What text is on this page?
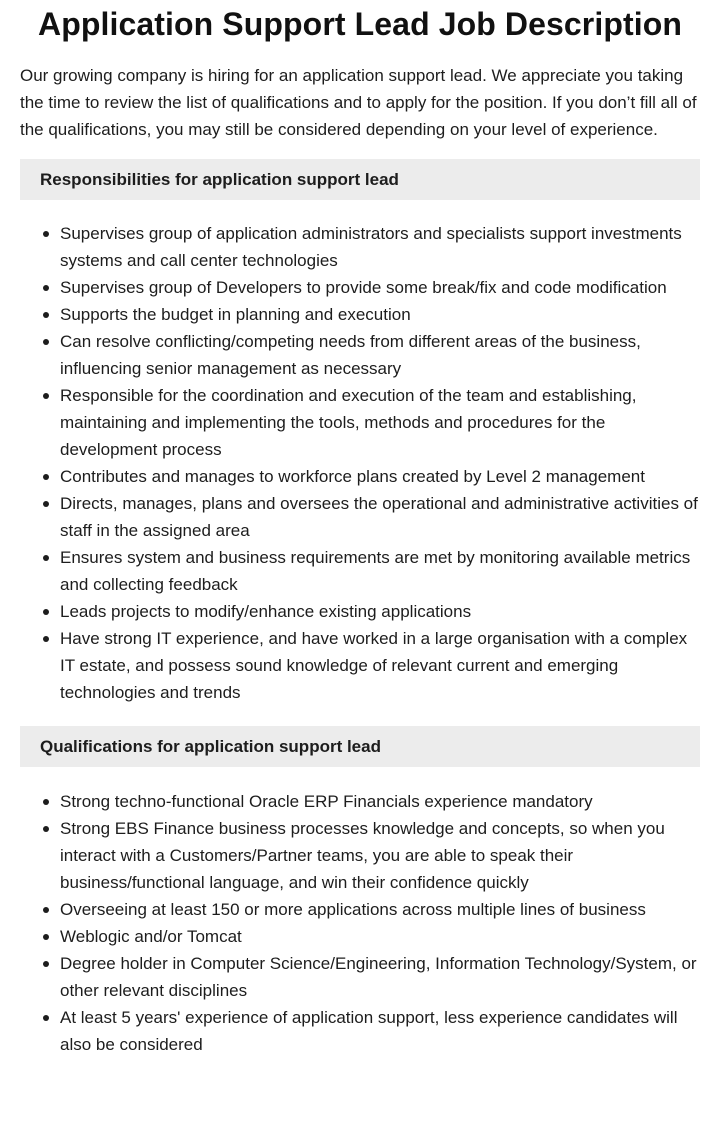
Application Support Lead Job Description

Our growing company is hiring for an application support lead. We appreciate you taking the time to review the list of qualifications and to apply for the position. If you don’t fill all of the qualifications, you may still be considered depending on your level of experience.

Responsibilities for application support lead
Supervises group of application administrators and specialists support investments systems and call center technologies
Supervises group of Developers to provide some break/fix and code modification
Supports the budget in planning and execution
Can resolve conflicting/competing needs from different areas of the business, influencing senior management as necessary
Responsible for the coordination and execution of the team and establishing, maintaining and implementing the tools, methods and procedures for the development process
Contributes and manages to workforce plans created by Level 2 management
Directs, manages, plans and oversees the operational and administrative activities of staff in the assigned area
Ensures system and business requirements are met by monitoring available metrics and collecting feedback
Leads projects to modify/enhance existing applications
Have strong IT experience, and have worked in a large organisation with a complex IT estate, and possess sound knowledge of relevant current and emerging technologies and trends
Qualifications for application support lead
Strong techno-functional Oracle ERP Financials experience mandatory
Strong EBS Finance business processes knowledge and concepts, so when you interact with a Customers/Partner teams, you are able to speak their business/functional language, and win their confidence quickly
Overseeing at least 150 or more applications across multiple lines of business
Weblogic and/or Tomcat
Degree holder in Computer Science/Engineering, Information Technology/System, or other relevant disciplines
At least 5 years' experience of application support, less experience candidates will also be considered
